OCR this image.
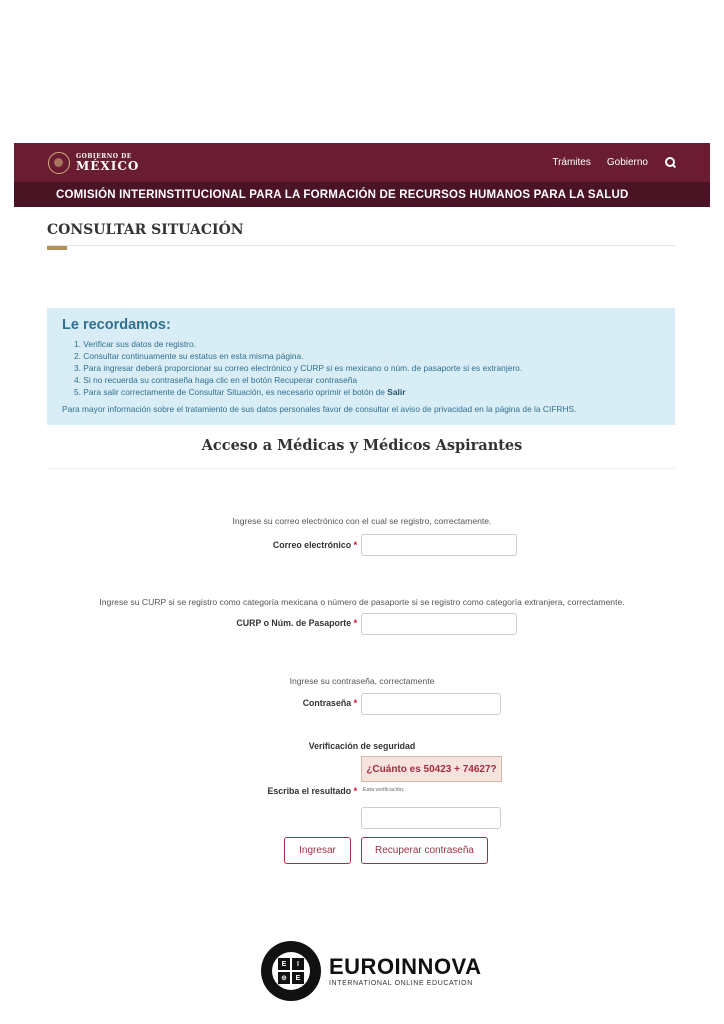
GOBIERNO DE
MÉXICO	Trámites Gobierno
COMISIÓN INTERINSTITUCIONAL PARA LA FORMACIÓN DE RECURSOS HUMANOS PARA LA SALUD
CONSULTAR SITUACIÓN
Le recordamos:
1. Verificar sus datos de registro.
2. Consultar continuamente su estatus en esta misma página.
3. Para ingresar deberá proporcionar su correo electrónico y CURP si es mexicano o núm. de pasaporte si es extranjero.
4. Si no recuerda su contraseña haga clic en el botón Recuperar contraseña
5. Para salir correctamente de Consultar Situación, es necesario oprimir el botón de Salir

Para mayor información sobre el tratamiento de sus datos personales favor de consultar el aviso de privacidad en la página de la CIFRHS.

Acceso a Médicas y Médicos Aspirantes
Ingrese su correo electrónico con el cual se registro, correctamente.
Correo electrónico *
Ingrese su CURP si se registro como categoría mexicana o número de pasaporte si se registro como categoría extranjera, correctamente.
CURP o Núm. de Pasaporte *
Ingrese su contraseña, correctamente
Contraseña *
Verificación de seguridad
¿Cuánto es 50423 + 74627?
Escriba el resultado * Esta verificación.
Ingresar	Recuperar contraseña
E	I
⊕	E EUROINNOVA
INTERNATIONAL ONLINE EDUCATION
